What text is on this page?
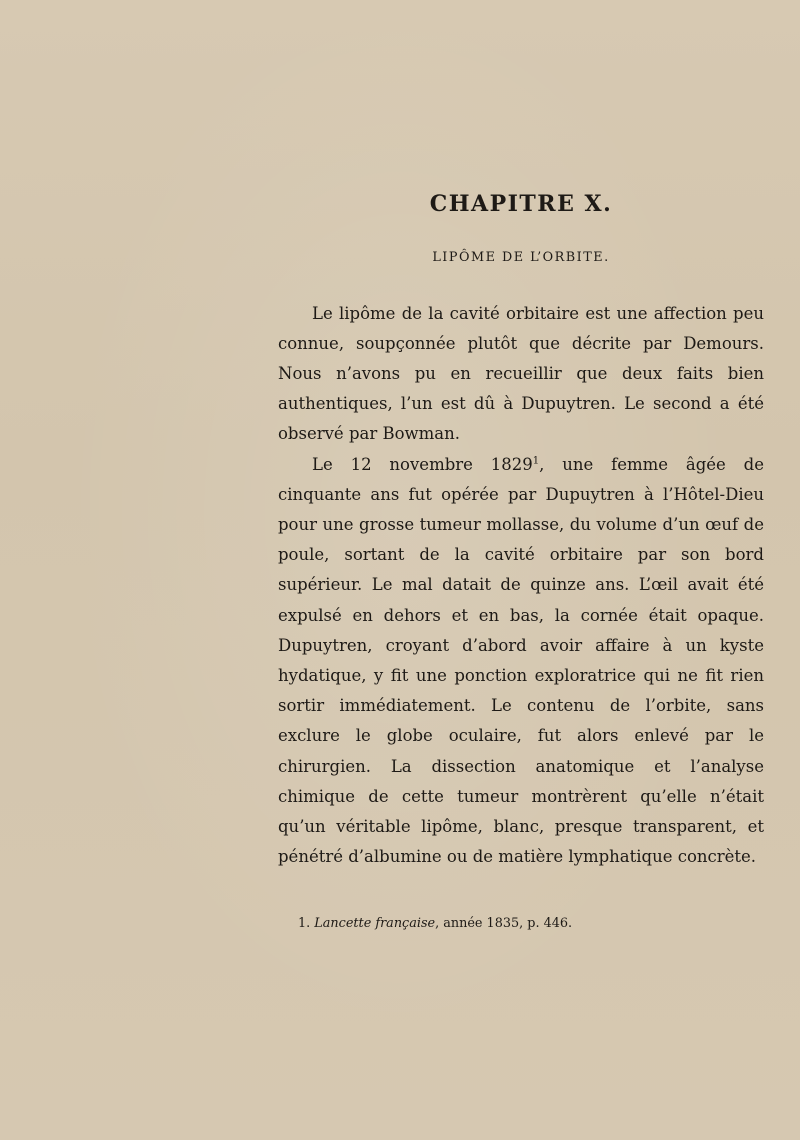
CHAPITRE X.
LIPÔME DE L’ORBITE.

Le lipôme de la cavité orbitaire est une affection peu connue, soupçonnée plutôt que décrite par Demours. Nous n’avons pu en recueillir que deux faits bien authentiques, l’un est dû à Dupuytren. Le second a été observé par Bowman.

Le 12 novembre 1829$^1$, une femme âgée de cinquante ans fut opérée par Dupuytren à l’Hôtel-Dieu pour une grosse tumeur mollasse, du volume d’un œuf de poule, sortant de la cavité orbitaire par son bord supérieur. Le mal datait de quinze ans. L’œil avait été expulsé en dehors et en bas, la cornée était opaque. Dupuytren, croyant d’abord avoir affaire à un kyste hydatique, y fit une ponction exploratrice qui ne fit rien sortir immédiatement. Le contenu de l’orbite, sans exclure le globe oculaire, fut alors enlevé par le chirurgien. La dissection anatomique et l’analyse chimique de cette tumeur montrèrent qu’elle n’était qu’un véritable lipôme, blanc, presque transparent, et pénétré d’albumine ou de matière lymphatique concrète.

1. Lancette française, année 1835, p. 446.
